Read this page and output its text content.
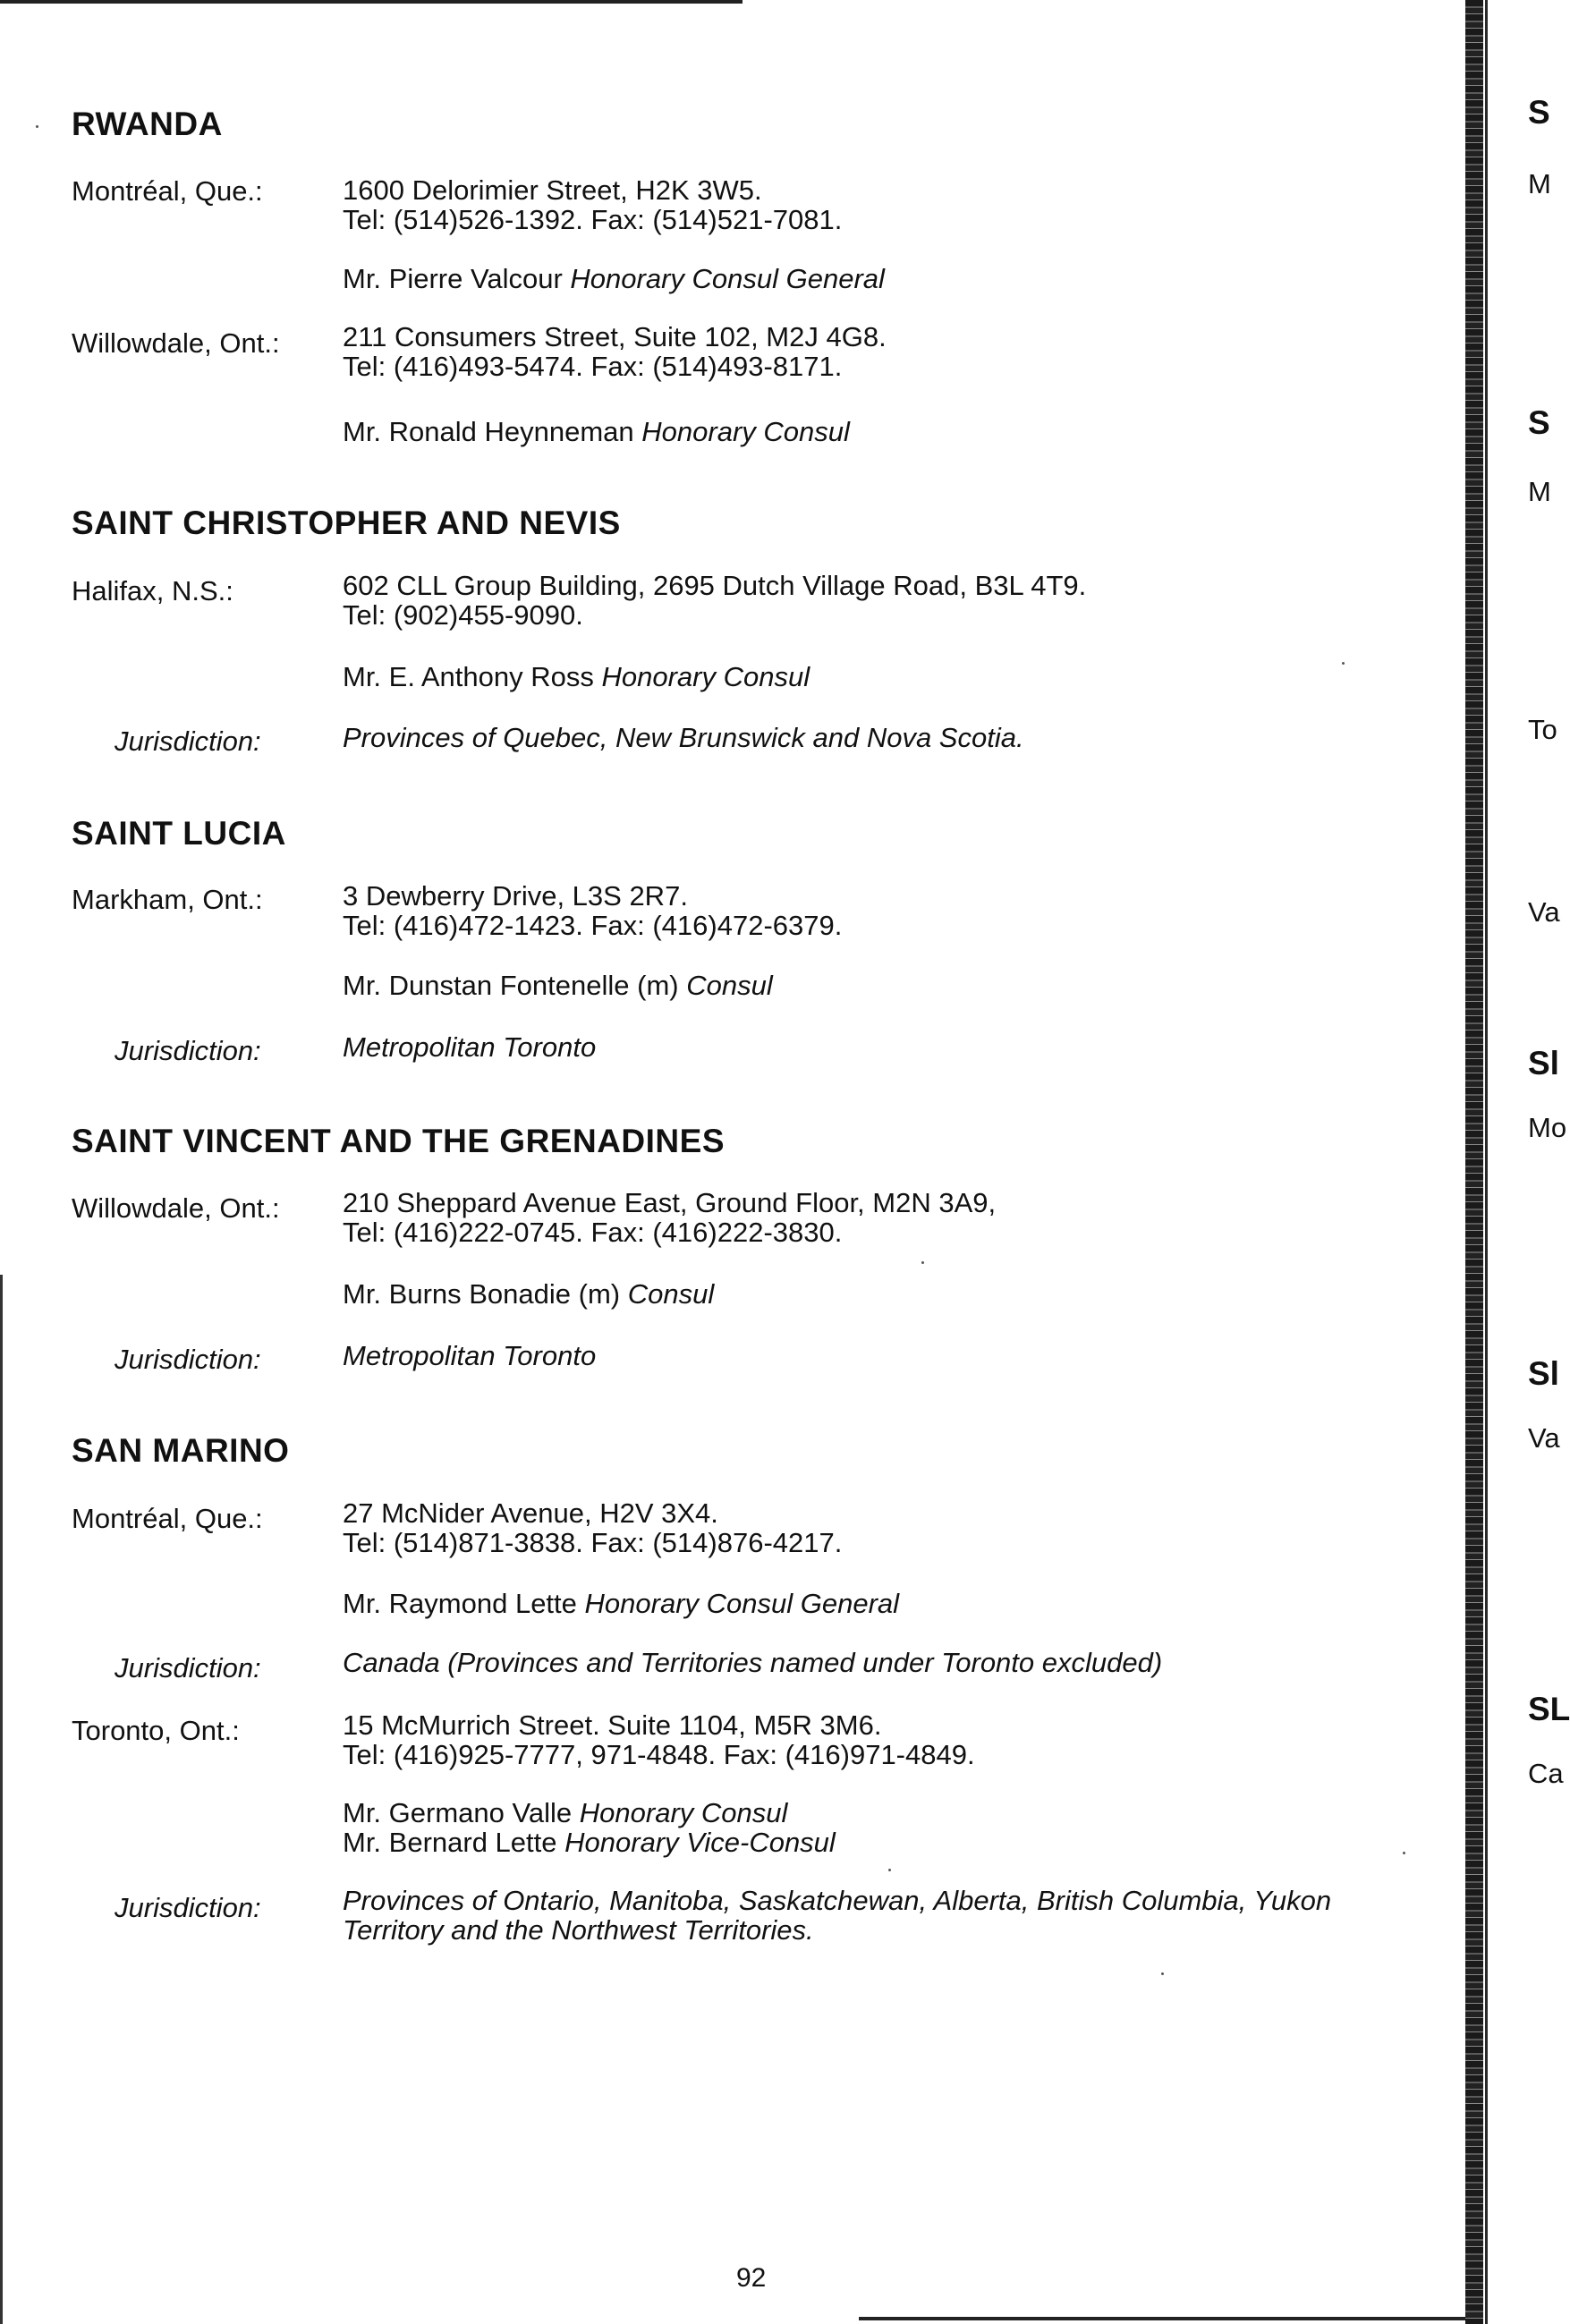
RWANDA
Montréal, Que.:	1600 Delorimier Street, H2K 3W5.
Tel: (514)526-1392. Fax: (514)521-7081.
Mr. Pierre Valcour Honorary Consul General
Willowdale, Ont.: 211 Consumers Street, Suite 102, M2J 4G8.
Tel: (416)493-5474. Fax: (514)493-8171.
Mr. Ronald Heynneman Honorary Consul
SAINT CHRISTOPHER AND NEVIS
Halifax, N.S.:	602 CLL Group Building, 2695 Dutch Village Road, B3L 4T9.
Tel: (902)455-9090.
Mr. E. Anthony Ross Honorary Consul
Jurisdiction:	Provinces of Quebec, New Brunswick and Nova Scotia.
SAINT LUCIA
Markham, Ont.:	3 Dewberry Drive, L3S 2R7.
Tel: (416)472-1423. Fax: (416)472-6379.
Mr. Dunstan Fontenelle (m) Consul
Jurisdiction:	Metropolitan Toronto
SAINT VINCENT AND THE GRENADINES
Willowdale, Ont.: 210 Sheppard Avenue East, Ground Floor, M2N 3A9,
Tel: (416)222-0745. Fax: (416)222-3830.
Mr. Burns Bonadie (m) Consul
Jurisdiction:	Metropolitan Toronto
SAN MARINO
Montréal, Que.:	27 McNider Avenue, H2V 3X4.
Tel: (514)871-3838. Fax: (514)876-4217.
Mr. Raymond Lette Honorary Consul General
Jurisdiction:	Canada (Provinces and Territories named under Toronto excluded)
Toronto, Ont.:	15 McMurrich Street. Suite 1104, M5R 3M6.
Tel: (416)925-7777, 971-4848. Fax: (416)971-4849.
Mr. Germano Valle Honorary Consul
Mr. Bernard Lette Honorary Vice-Consul
Jurisdiction:	Provinces of Ontario, Manitoba, Saskatchewan, Alberta, British Columbia, Yukon
Territory and the Northwest Territories.
92
S
M
S
M
To
Va
Sl
Mo
Sl
Va
SL
Ca
